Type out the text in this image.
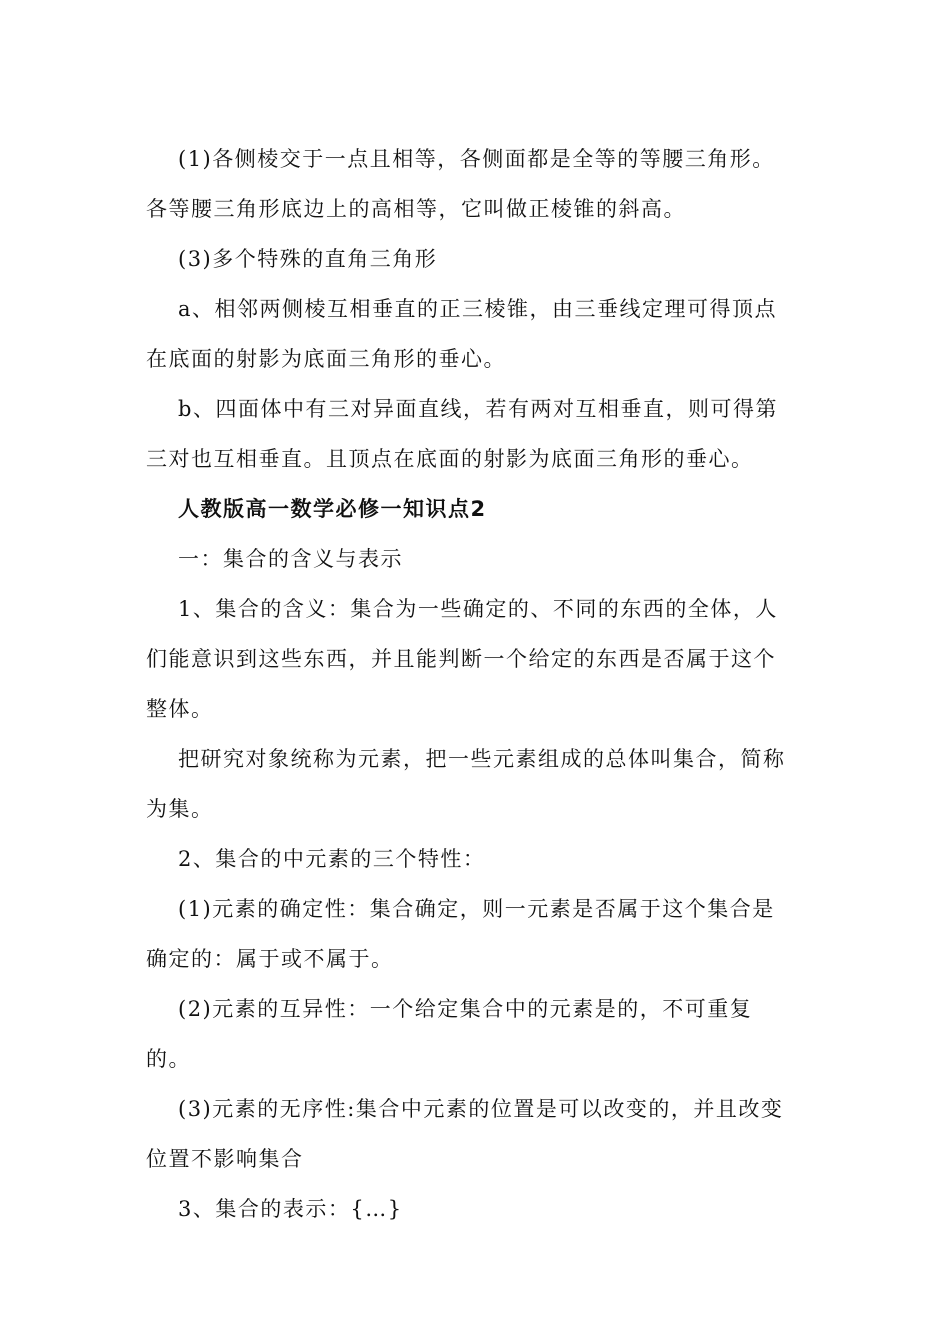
(1)各侧棱交于一点且相等，各侧面都是全等的等腰三角形。

各等腰三角形底边上的高相等，它叫做正棱锥的斜高。

(3)多个特殊的直角三角形

a、相邻两侧棱互相垂直的正三棱锥，由三垂线定理可得顶点在底面的射影为底面三角形的垂心。

b、四面体中有三对异面直线，若有两对互相垂直，则可得第三对也互相垂直。且顶点在底面的射影为底面三角形的垂心。

人教版高一数学必修一知识点2

一：集合的含义与表示

1、集合的含义：集合为一些确定的、不同的东西的全体，人们能意识到这些东西，并且能判断一个给定的东西是否属于这个整体。

把研究对象统称为元素，把一些元素组成的总体叫集合，简称为集。

2、集合的中元素的三个特性：

(1)元素的确定性：集合确定，则一元素是否属于这个集合是确定的：属于或不属于。

(2)元素的互异性：一个给定集合中的元素是的，不可重复的。

(3)元素的无序性:集合中元素的位置是可以改变的，并且改变位置不影响集合

3、集合的表示：{…}
